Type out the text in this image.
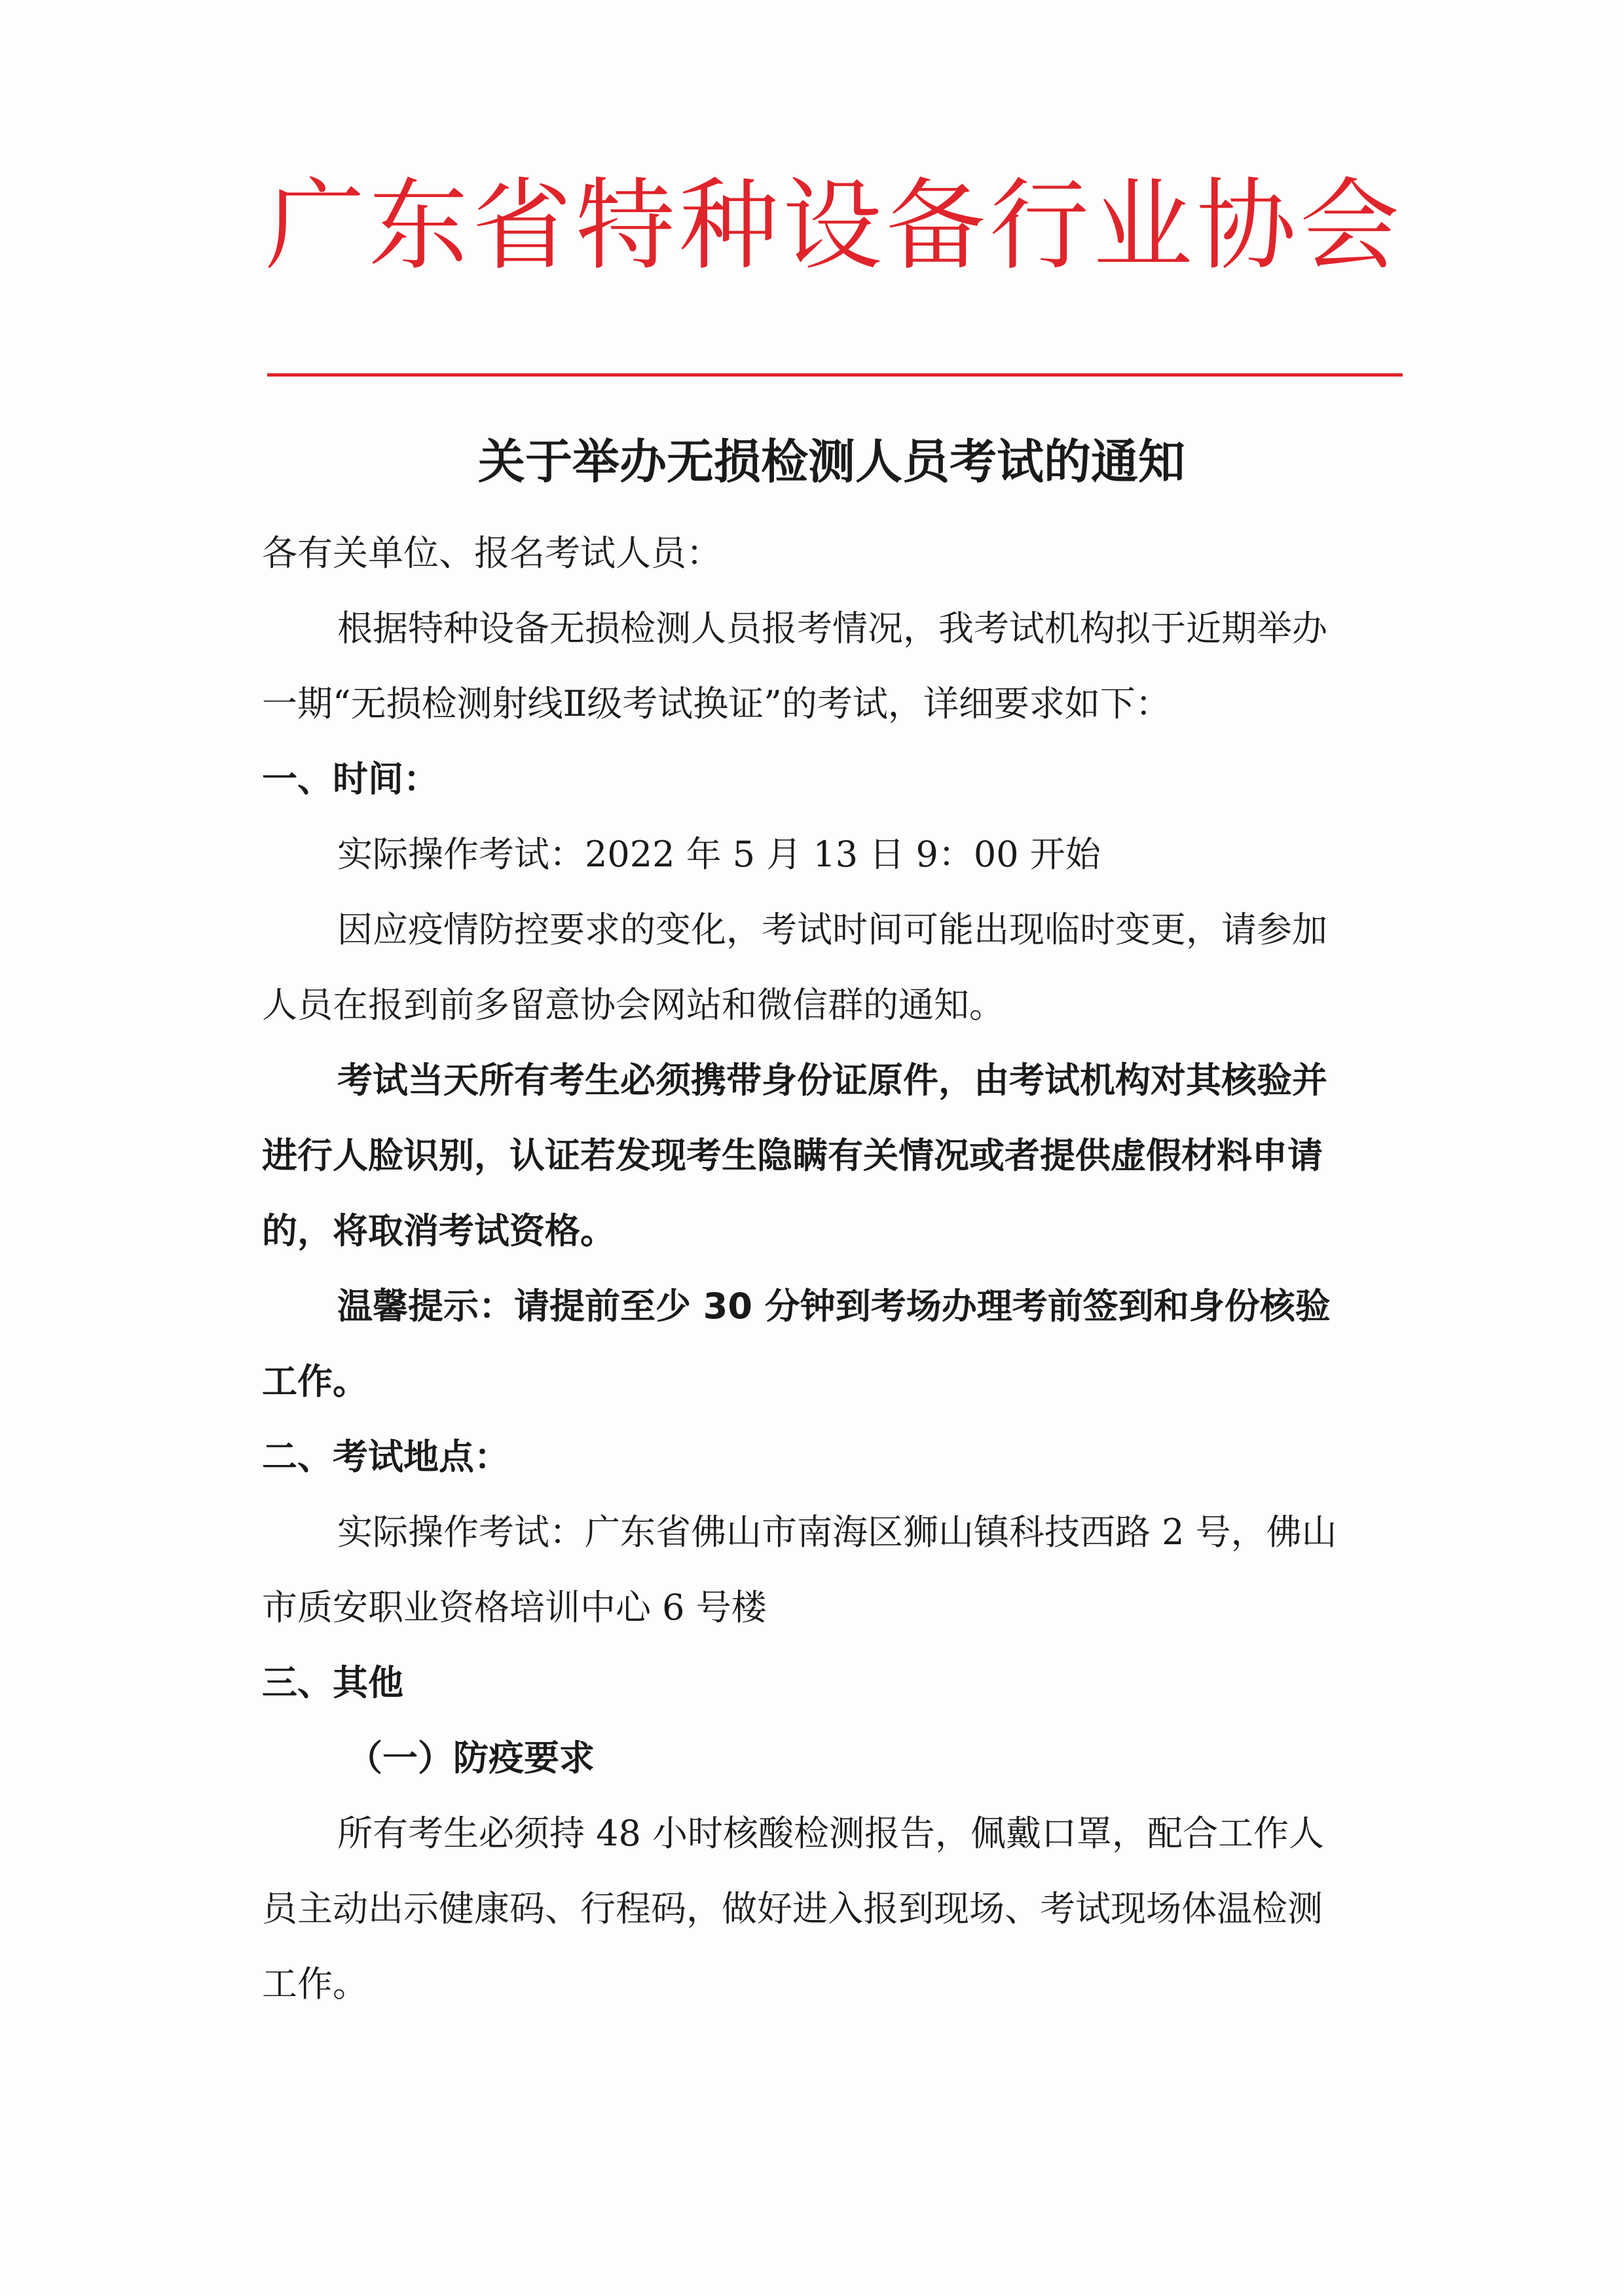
广东省特种设备行业协会
关于举办无损检测人员考试的通知
各有关单位、报名考试人员：
根据特种设备无损检测人员报考情况，我考试机构拟于近期举办
一期“无损检测射线Ⅱ级考试换证”的考试，详细要求如下：
一、时间：
实际操作考试：2022 年 5 月 13 日 9：00 开始
因应疫情防控要求的变化，考试时间可能出现临时变更，请参加
人员在报到前多留意协会网站和微信群的通知。
考试当天所有考生必须携带身份证原件，由考试机构对其核验并
进行人脸识别，认证若发现考生隐瞒有关情况或者提供虚假材料申请
的，将取消考试资格。
温馨提示：请提前至少 30 分钟到考场办理考前签到和身份核验
工作。
二、考试地点：
实际操作考试：广东省佛山市南海区狮山镇科技西路 2 号，佛山
市质安职业资格培训中心 6 号楼
三、其他
（一）防疫要求
所有考生必须持 48 小时核酸检测报告，佩戴口罩，配合工作人
员主动出示健康码、行程码，做好进入报到现场、考试现场体温检测
工作。
